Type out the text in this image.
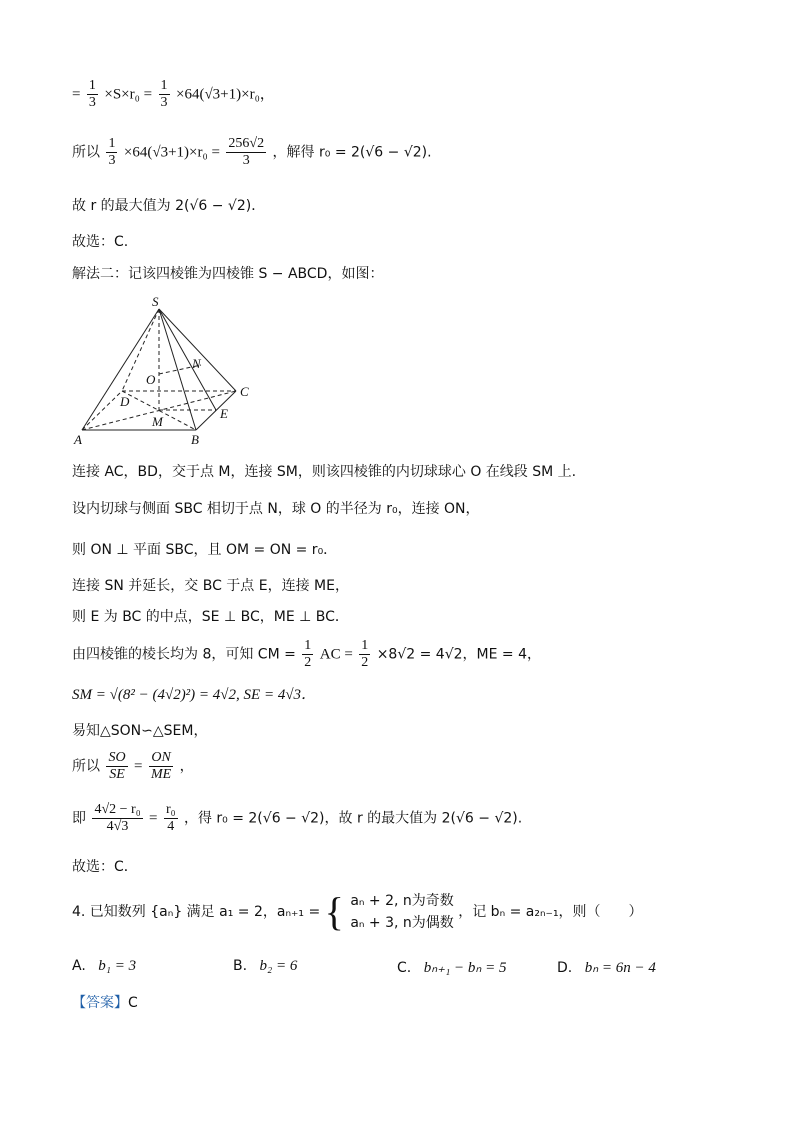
= $\frac{1}{3} \times S\times r_0 = \frac{1}{3} \times 64(√3+1)\times r_0$，
所以 $\frac{1}{3} \times 64(√3+1)\times r_0 = \frac{256√2}{3}$ ，解得 r₀ = 2(√6 − √2).
故 r 的最大值为 2(√6 − √2)．
故选：C.
解法二：记该四棱锥为四棱锥 S − ABCD，如图：
S
N
O
C
D
E
M
A	B
连接 AC，BD，交于点 M，连接 SM，则该四棱锥的内切球球心 O 在线段 SM 上.
设内切球与侧面 SBC 相切于点 N，球 O 的半径为 r₀，连接 ON，
则 ON ⊥ 平面 SBC，且 OM = ON = r₀．
连接 SN 并延长，交 BC 于点 E，连接 ME，
则 E 为 BC 的中点，SE ⊥ BC，ME ⊥ BC．
由四棱锥的棱长均为 8，可知 CM = $\frac{1}{2}$ AC = $\frac{1}{2} \times 8√2 = 4√2$，ME = 4，
SM = √(8² − (4√2)²) = 4√2, SE = 4√3．
易知△SON∽△SEM，
所以 $\frac{SO}{SE} = \frac{ON}{ME}$ ，
即 $\frac{\text{4√2 − r₀}}{4√3} = \frac{\text{r₀}}{4}$ ，得 r₀ = 2(√6 − √2)，故 r 的最大值为 2(√6 − √2).
故选：C．
4. 已知数列 {aₙ} 满足 a₁ = 2，aₙ₊₁ = { aₙ + 2, n为奇数
aₙ + 3, n为偶数
，记 bₙ = a₂ₙ₋₁，则（　　）
A. b₁ = 3	B. b₂ = 6	C. bₙ₊₁ − bₙ = 5	D. bₙ = 6n − 4
【答案】C
